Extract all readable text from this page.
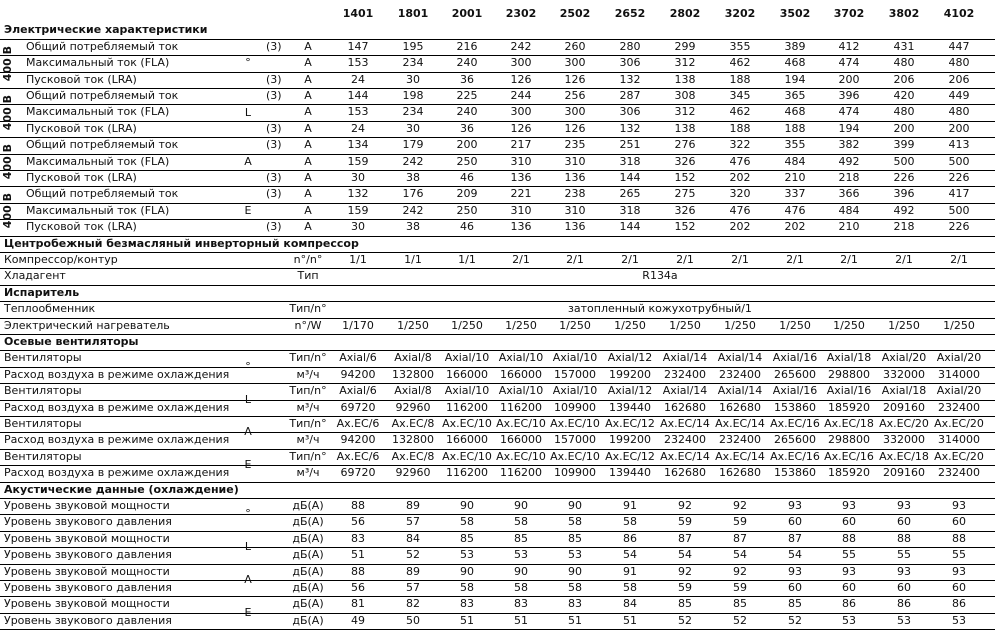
1401	1801	2001	2302	2502	2652	2802	3202	3502	3702	3802	4102
Электрические характеристики
Общий потребляемый ток	(3)	A	147	195	216	242	260	280	299	355	389	412	431	447
Максимальный ток (FLA)	A	153	234	240	300	300	306	312	462	468	474	480	480
Пусковой ток (LRA)	(3)	A	24	30	36	126	126	132	138	188	194	200	206	206
Общий потребляемый ток	(3)	A	144	198	225	244	256	287	308	345	365	396	420	449
Максимальный ток (FLA)	A	153	234	240	300	300	306	312	462	468	474	480	480
Пусковой ток (LRA)	(3)	A	24	30	36	126	126	132	138	188	188	194	200	200
Общий потребляемый ток	(3)	A	134	179	200	217	235	251	276	322	355	382	399	413
Максимальный ток (FLA)	A	159	242	250	310	310	318	326	476	484	492	500	500
Пусковой ток (LRA)	(3)	A	30	38	46	136	136	144	152	202	210	218	226	226
Общий потребляемый ток	(3)	A	132	176	209	221	238	265	275	320	337	366	396	417
Максимальный ток (FLA)	A	159	242	250	310	310	318	326	476	476	484	492	500
Пусковой ток (LRA)	(3)	A	30	38	46	136	136	144	152	202	202	210	218	226
Центробежный безмасляный инверторный компрессор
Компрессор/контур	n°/n°	1/1	1/1	1/1	2/1	2/1	2/1	2/1	2/1	2/1	2/1	2/1	2/1
Хладагент	Тип	R134a
Испаритель
Теплообменник	Тип/n°	затопленный кожухотрубный/1
Электрический нагреватель	n°/W	1/170	1/250	1/250	1/250	1/250	1/250	1/250	1/250	1/250	1/250	1/250	1/250
Осевые вентиляторы
Вентиляторы	Тип/n°	Axial/6	Axial/8	Axial/10 Axial/10 Axial/10 Axial/12 Axial/14 Axial/14 Axial/16 Axial/18 Axial/20 Axial/20
Расход воздуха в режиме охлаждения	м³/ч	94200	132800	166000	166000	157000	199200	232400	232400	265600	298800	332000	314000
Вентиляторы	Тип/n°	Axial/6	Axial/8	Axial/10 Axial/10 Axial/10 Axial/12 Axial/14 Axial/14 Axial/16 Axial/16 Axial/18 Axial/20
Расход воздуха в режиме охлаждения	м³/ч	69720	92960	116200	116200	109900	139440	162680	162680	153860	185920	209160	232400
Вентиляторы	Тип/n° Ax.EC/6	Ax.EC/8 Ax.EC/10 Ax.EC/10 Ax.EC/10 Ax.EC/12 Ax.EC/14 Ax.EC/14 Ax.EC/16 Ax.EC/18 Ax.EC/20 Ax.EC/20
Расход воздуха в режиме охлаждения	м³/ч	94200	132800	166000	166000	157000	199200	232400	232400	265600	298800	332000	314000
Вентиляторы	Тип/n° Ax.EC/6	Ax.EC/8 Ax.EC/10 Ax.EC/10 Ax.EC/10 Ax.EC/12 Ax.EC/14 Ax.EC/14 Ax.EC/16 Ax.EC/16 Ax.EC/18 Ax.EC/20
Расход воздуха в режиме охлаждения	м³/ч	69720	92960	116200	116200	109900	139440	162680	162680	153860	185920	209160	232400
Акустические данные (охлаждение)
Уровень звуковой мощности	дБ(A)	88	89	90	90	90	91	92	92	93	93	93	93
Уровень звукового давления	дБ(A)	56	57	58	58	58	58	59	59	60	60	60	60
Уровень звуковой мощности	дБ(A)	83	84	85	85	85	86	87	87	87	88	88	88
Уровень звукового давления	дБ(A)	51	52	53	53	53	54	54	54	54	55	55	55
Уровень звуковой мощности	дБ(A)	88	89	90	90	90	91	92	92	93	93	93	93
Уровень звукового давления	дБ(A)	56	57	58	58	58	58	59	59	60	60	60	60
Уровень звуковой мощности	дБ(A)	81	82	83	83	83	84	85	85	85	86	86	86
Уровень звукового давления	дБ(A)	49	50	51	51	51	51	52	52	52	53	53	53
400 В	°
400 В	L
400 В	A
400 В	E
°
L
A
E
°
L
A
E
